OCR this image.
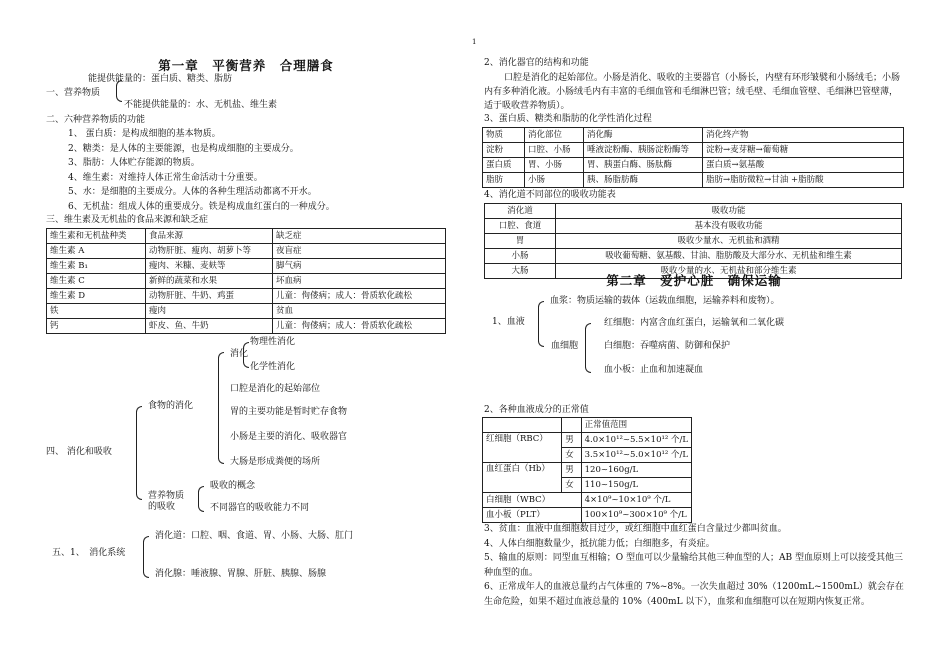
1
第一章　平衡营养　合理膳食

能提供能量的：蛋白质、糖类、脂肪

一、营养物质

不能提供能量的：水、无机盐、维生素

二、六种营养物质的功能

1、 蛋白质：是构成细胞的基本物质。

2、糖类：是人体的主要能源，也是构成细胞的主要成分。

3、脂肪：人体贮存能源的物质。

4、维生素：对维持人体正常生命活动十分重要。

5、水：是细胞的主要成分。人体的各种生理活动都离不开水。

6、无机盐：组成人体的重要成分。铁是构成血红蛋白的一种成分。

三、维生素及无机盐的食品来源和缺乏症

维生素和无机盐种类	食品来源	缺乏症
维生素 A	动物肝脏、瘦肉、胡萝卜等	夜盲症
维生素 B₁	瘦肉、米糠、麦麸等	脚气病
维生素 C	新鲜的蔬菜和水果	坏血病
维生素 D	动物肝脏、牛奶、鸡蛋	儿童：佝偻病；成人：骨质软化疏松
铁	瘦肉	贫血
钙	虾皮、鱼、牛奶	儿童：佝偻病；成人：骨质软化疏松

物理性消化

消化

化学性消化

口腔是消化的起始部位

胃的主要功能是暂时贮存食物

小肠是主要的消化、吸收器官

大肠是形成粪便的场所

食物的消化

四、 消化和吸收

营养物质的吸收

吸收的概念

不同器官的吸收能力不同

消化道：口腔、咽、食道、胃、小肠、大肠、肛门

五、1、　消化系统

消化腺：唾液腺、胃腺、肝脏、胰腺、肠腺

2、消化器官的结构和功能

口腔是消化的起始部位。小肠是消化、吸收的主要器官（小肠长，内壁有环形皱襞和小肠绒毛；小肠内有多种消化液。小肠绒毛内有丰富的毛细血管和毛细淋巴管；绒毛壁、毛细血管壁、毛细淋巴管壁薄，适于吸收营养物质）。

3、蛋白质、糖类和脂肪的化学性消化过程

物质	消化部位	消化酶	消化终产物
淀粉	口腔、小肠	唾液淀粉酶、胰肠淀粉酶等	淀粉→麦芽糖→葡萄糖
蛋白质	胃、小肠	胃、胰蛋白酶、肠肽酶	蛋白质→氨基酸
脂肪	小肠	胰、肠脂肪酶	脂肪→脂肪微粒→甘油 +脂肪酸

4、消化道不同部位的吸收功能表

消化道	吸收功能
口腔、食道	基本没有吸收功能
胃	吸收少量水、无机盐和酒精
小肠	吸收葡萄糖、氨基酸、甘油、脂肪酸及大部分水、无机盐和维生素
大肠	吸收少量的水、无机盐和部分维生素
第二章　爱护心脏　确保运输

血浆：物质运输的载体（运载血细胞，运输养料和废物）。

1、血液

血细胞

红细胞：内富含血红蛋白，运输氧和二氧化碳

白细胞：吞噬病菌、防御和保护

血小板：止血和加速凝血

2、各种血液成分的正常值

		正常值范围
红细胞（RBC）	男	4.0×10¹²~5.5×10¹² 个/L
	女	3.5×10¹²~5.0×10¹² 个/L
血红蛋白（Hb）	男	120~160g/L
	女	110~150g/L
白细胞（WBC）		4×10⁹~10×10⁹ 个/L
血小板（PLT）		100×10⁹~300×10⁹ 个/L

3、贫血：血液中血细胞数目过少，或红细胞中血红蛋白含量过少都叫贫血。

4、人体白细胞数量少，抵抗能力低；白细胞多，有炎症。

5、输血的原则：同型血互相输；O 型血可以少量输给其他三种血型的人；AB 型血原则上可以接受其他三种血型的血。

6、正常成年人的血液总量约占气体重的 7%~8%。一次失血超过 30%（1200mL~1500mL）就会存在生命危险，如果不超过血液总量的 10%（400mL 以下），血浆和血细胞可以在短期内恢复正常。
